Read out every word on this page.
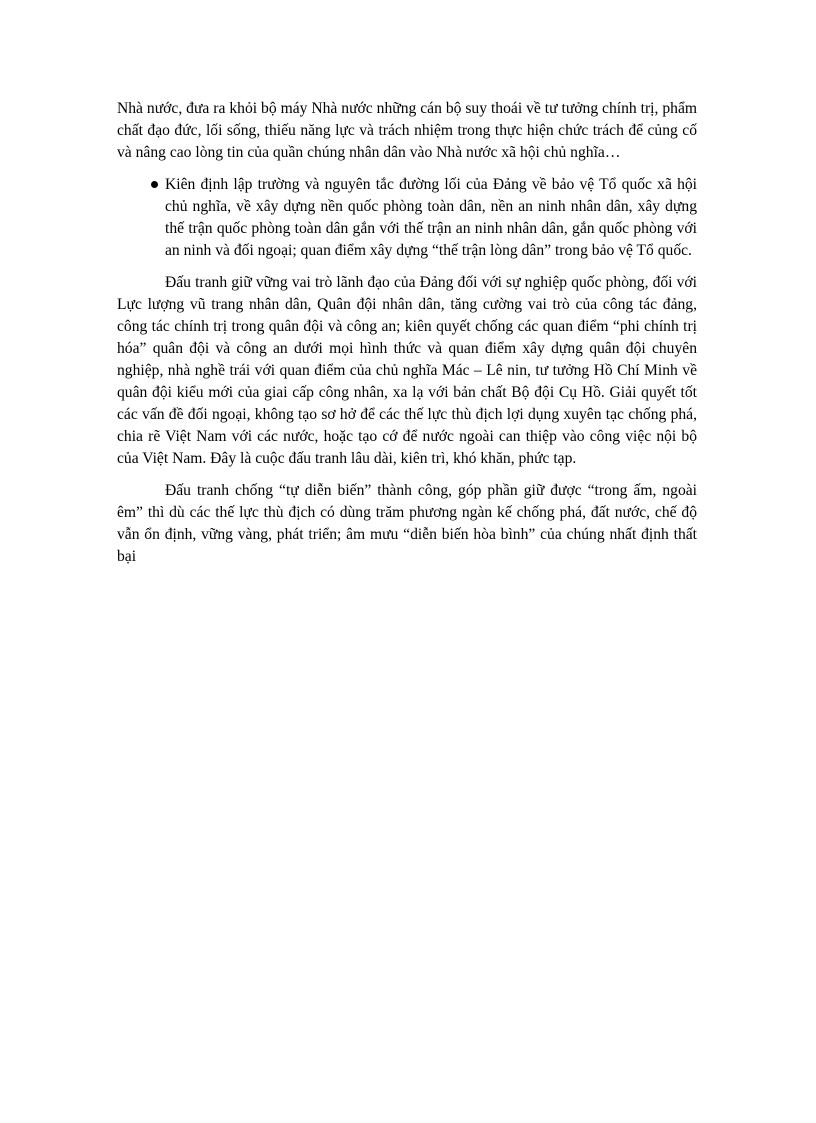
Nhà nước, đưa ra khỏi bộ máy Nhà nước những cán bộ suy thoái về tư tưởng chính trị, phẩm chất đạo đức, lối sống, thiếu năng lực và trách nhiệm trong thực hiện chức trách để củng cố và nâng cao lòng tin của quần chúng nhân dân vào Nhà nước xã hội chủ nghĩa…

Kiên định lập trường và nguyên tắc đường lối của Đảng về bảo vệ Tổ quốc xã hội chủ nghĩa, về xây dựng nền quốc phòng toàn dân, nền an ninh nhân dân, xây dựng thế trận quốc phòng toàn dân gắn với thế trận an ninh nhân dân, gắn quốc phòng với an ninh và đối ngoại; quan điểm xây dựng “thế trận lòng dân” trong bảo vệ Tổ quốc.

Đấu tranh giữ vững vai trò lãnh đạo của Đảng đối với sự nghiệp quốc phòng, đối với Lực lượng vũ trang nhân dân, Quân đội nhân dân, tăng cường vai trò của công tác đảng, công tác chính trị trong quân đội và công an; kiên quyết chống các quan điểm “phi chính trị hóa” quân đội và công an dưới mọi hình thức và quan điểm xây dựng quân đội chuyên nghiệp, nhà nghề trái với quan điểm của chủ nghĩa Mác – Lê nin, tư tưởng Hồ Chí Minh về quân đội kiểu mới của giai cấp công nhân, xa lạ với bản chất Bộ đội Cụ Hồ. Giải quyết tốt các vấn đề đối ngoại, không tạo sơ hở để các thế lực thù địch lợi dụng xuyên tạc chống phá, chia rẽ Việt Nam với các nước, hoặc tạo cớ để nước ngoài can thiệp vào công việc nội bộ của Việt Nam. Đây là cuộc đấu tranh lâu dài, kiên trì, khó khăn, phức tạp.

Đấu tranh chống “tự diễn biến” thành công, góp phần giữ được “trong ấm, ngoài êm” thì dù các thế lực thù địch có dùng trăm phương ngàn kế chống phá, đất nước, chế độ vẫn ổn định, vững vàng, phát triển; âm mưu “diễn biến hòa bình” của chúng nhất định thất bại
